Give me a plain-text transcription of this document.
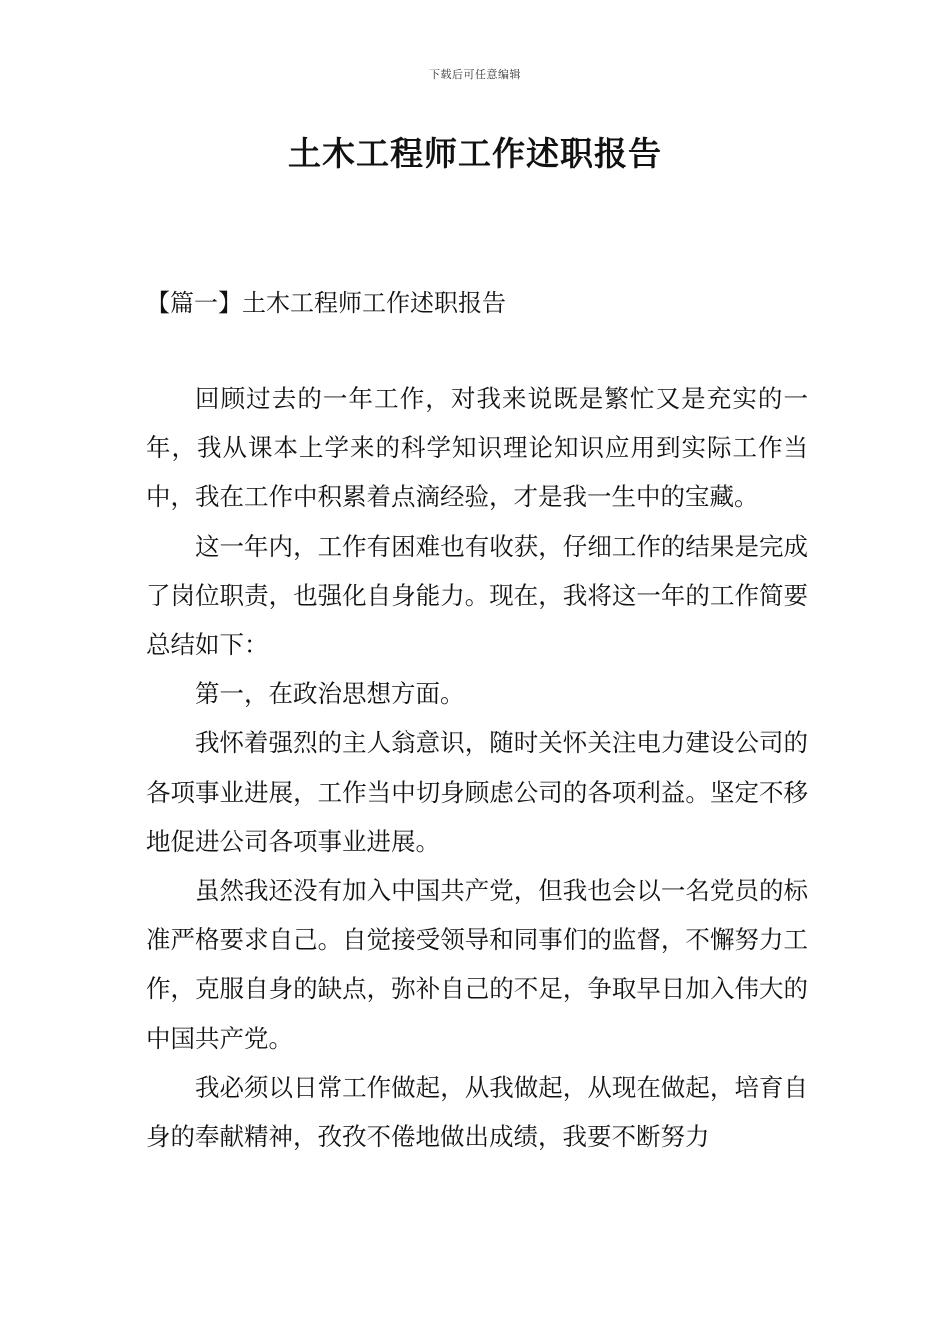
下载后可任意编辑
土木工程师工作述职报告
【篇一】土木工程师工作述职报告

回顾过去的一年工作，对我来说既是繁忙又是充实的一年，我从课本上学来的科学知识理论知识应用到实际工作当中，我在工作中积累着点滴经验，才是我一生中的宝藏。

这一年内，工作有困难也有收获，仔细工作的结果是完成了岗位职责，也强化自身能力。现在，我将这一年的工作简要总结如下：

第一，在政治思想方面。

我怀着强烈的主人翁意识，随时关怀关注电力建设公司的各项事业进展，工作当中切身顾虑公司的各项利益。坚定不移地促进公司各项事业进展。

虽然我还没有加入中国共产党，但我也会以一名党员的标准严格要求自己。自觉接受领导和同事们的监督，不懈努力工作，克服自身的缺点，弥补自己的不足，争取早日加入伟大的中国共产党。

我必须以日常工作做起，从我做起，从现在做起，培育自身的奉献精神，孜孜不倦地做出成绩，我要不断努力
